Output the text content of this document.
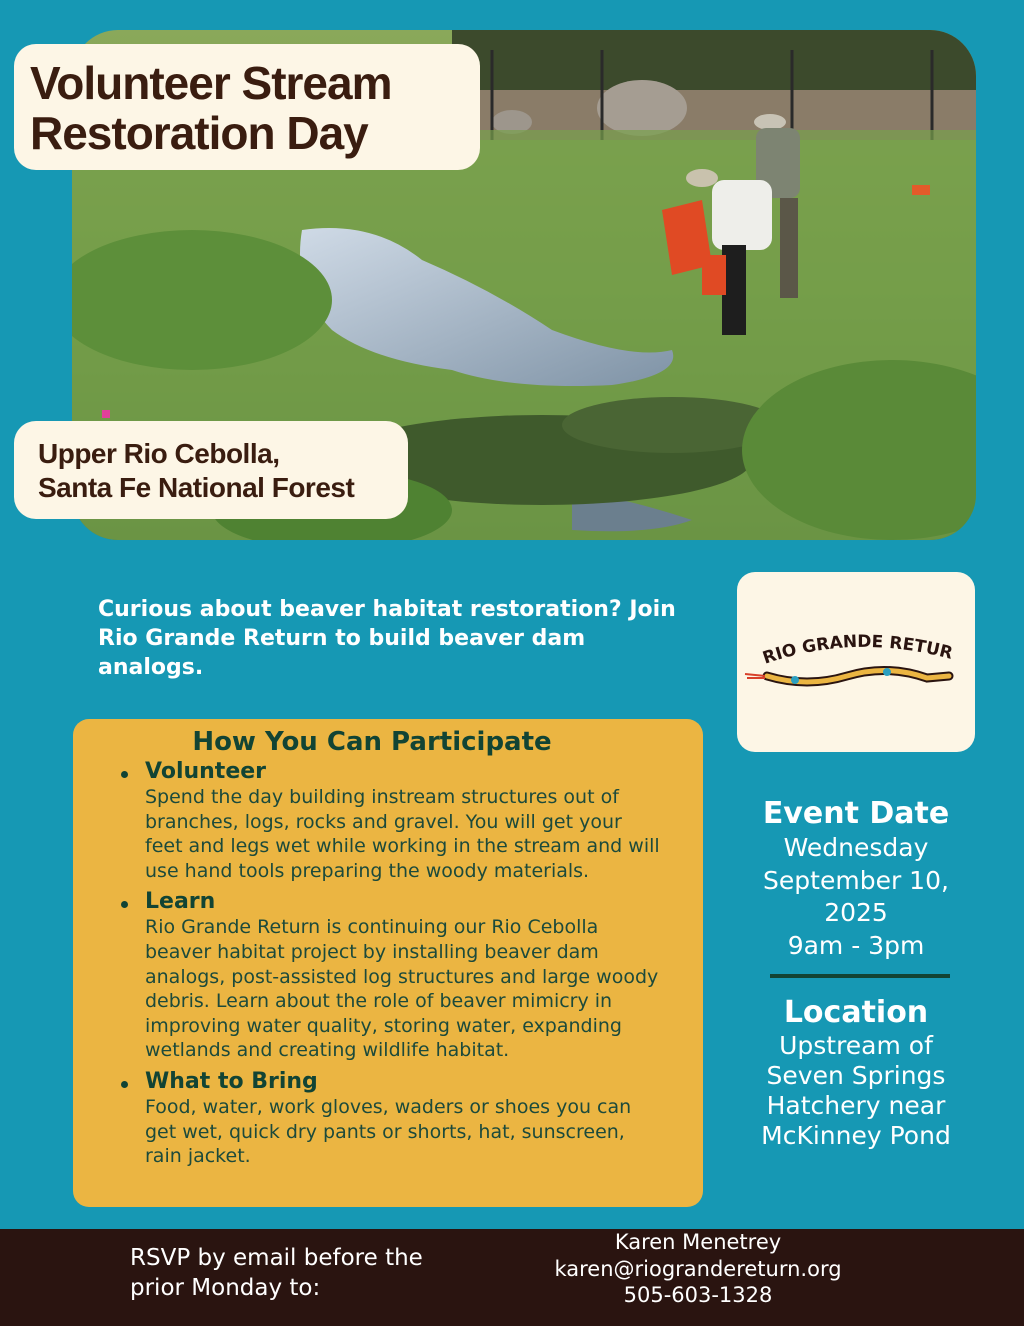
Volunteer Stream
Restoration Day
Upper Rio Cebolla,
Santa Fe National Forest
Curious about beaver habitat restoration? Join Rio Grande Return to build beaver dam analogs.	RIO GRANDE RETUR
How You Can Participate
Volunteer
Spend the day building instream structures out of branches, logs, rocks and gravel. You will get your feet and legs wet while working in the stream and will use hand tools preparing the woody materials.
Learn
Rio Grande Return is continuing our Rio Cebolla beaver habitat project by installing beaver dam analogs, post-assisted log structures and large woody debris. Learn about the role of beaver mimicry in improving water quality, storing water, expanding wetlands and creating wildlife habitat.
What to Bring
Food, water, work gloves, waders or shoes you can get wet, quick dry pants or shorts, hat, sunscreen, rain jacket.
Event Date
Wednesday
September 10,
2025
9am - 3pm
Location
Upstream of
Seven Springs
Hatchery near
McKinney Pond
RSVP by email before the prior Monday to:
Karen Menetrey
karen@riograndereturn.org
505-603-1328
